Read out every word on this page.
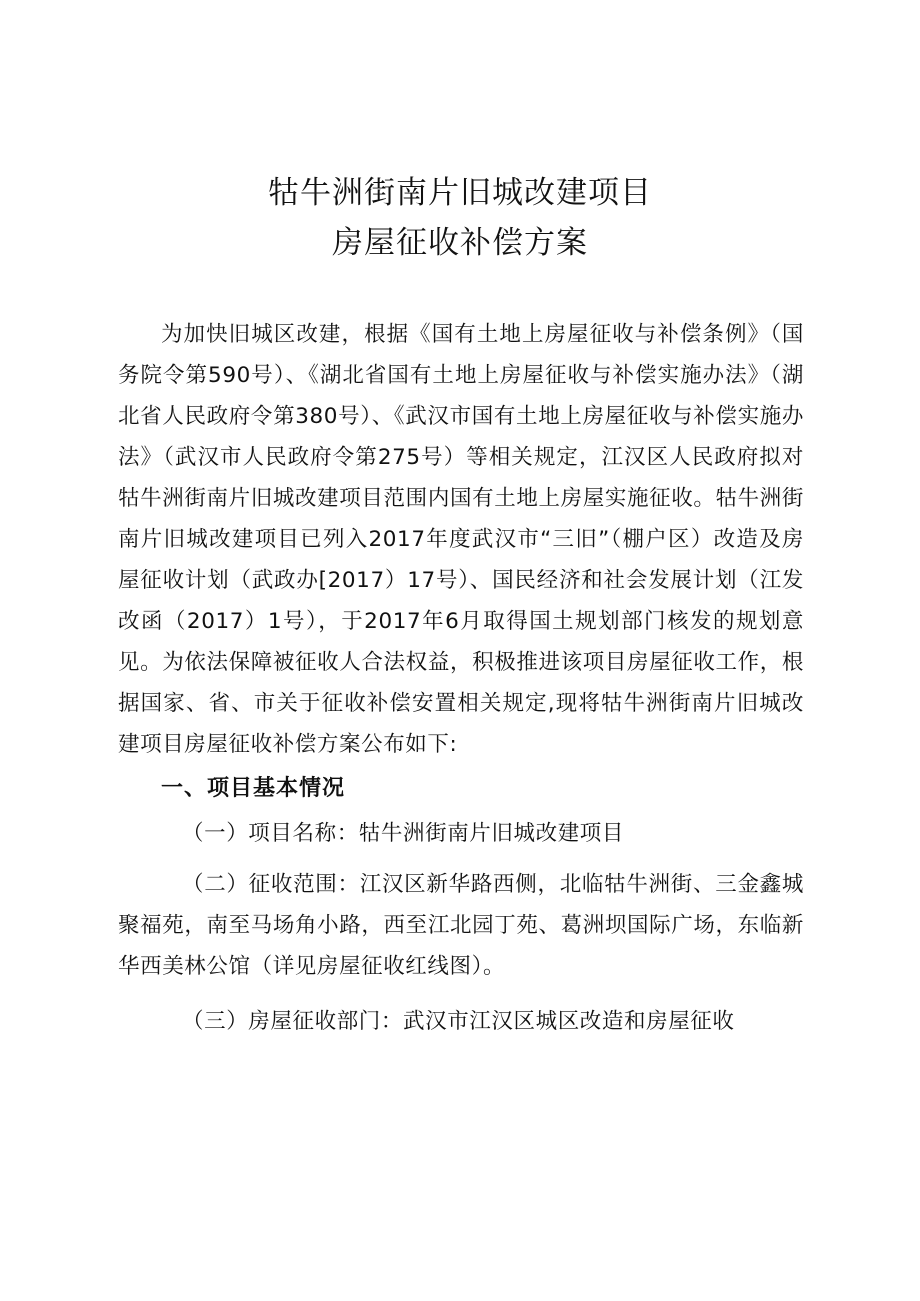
牯牛洲街南片旧城改建项目

房屋征收补偿方案

为加快旧城区改建，根据《国有土地上房屋征收与补偿条例》（国务院令第590号）、《湖北省国有土地上房屋征收与补偿实施办法》（湖北省人民政府令第380号）、《武汉市国有土地上房屋征收与补偿实施办法》（武汉市人民政府令第275号）等相关规定，江汉区人民政府拟对牯牛洲街南片旧城改建项目范围内国有土地上房屋实施征收。牯牛洲街南片旧城改建项目已列入2017年度武汉市“三旧”（棚户区）改造及房屋征收计划（武政办[2017）17号）、国民经济和社会发展计划（江发改函（2017）1号），于2017年6月取得国土规划部门核发的规划意见。为依法保障被征收人合法权益，积极推进该项目房屋征收工作，根据国家、省、市关于征收补偿安置相关规定,现将牯牛洲街南片旧城改建项目房屋征收补偿方案公布如下:

一、项目基本情况

（一）项目名称：牯牛洲街南片旧城改建项目

（二）征收范围：江汉区新华路西侧，北临牯牛洲街、三金鑫城聚福苑，南至马场角小路，西至江北园丁苑、葛洲坝国际广场，东临新华西美林公馆（详见房屋征收红线图）。

（三）房屋征收部门：武汉市江汉区城区改造和房屋征收
